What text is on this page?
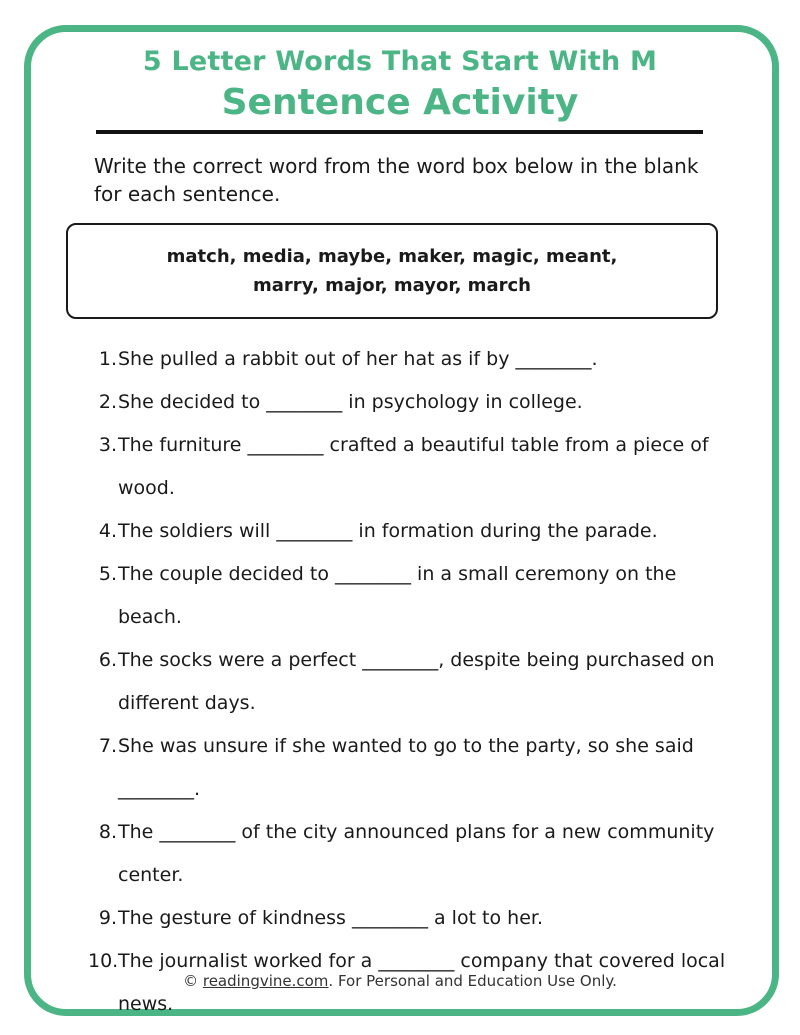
5 Letter Words That Start With M
Sentence Activity
Write the correct word from the word box below in the blank for each sentence.
match, media, maybe, maker, magic, meant,
marry, major, mayor, march
1. She pulled a rabbit out of her hat as if by ________.
2. She decided to ________ in psychology in college.
3. The furniture ________ crafted a beautiful table from a piece of wood.
4. The soldiers will ________ in formation during the parade.
5. The couple decided to ________ in a small ceremony on the beach.
6. The socks were a perfect ________, despite being purchased on different days.
7. She was unsure if she wanted to go to the party, so she said ________.
8. The ________ of the city announced plans for a new community center.
9. The gesture of kindness ________ a lot to her.
10. The journalist worked for a ________ company that covered local news.
© readingvine.com. For Personal and Education Use Only.
